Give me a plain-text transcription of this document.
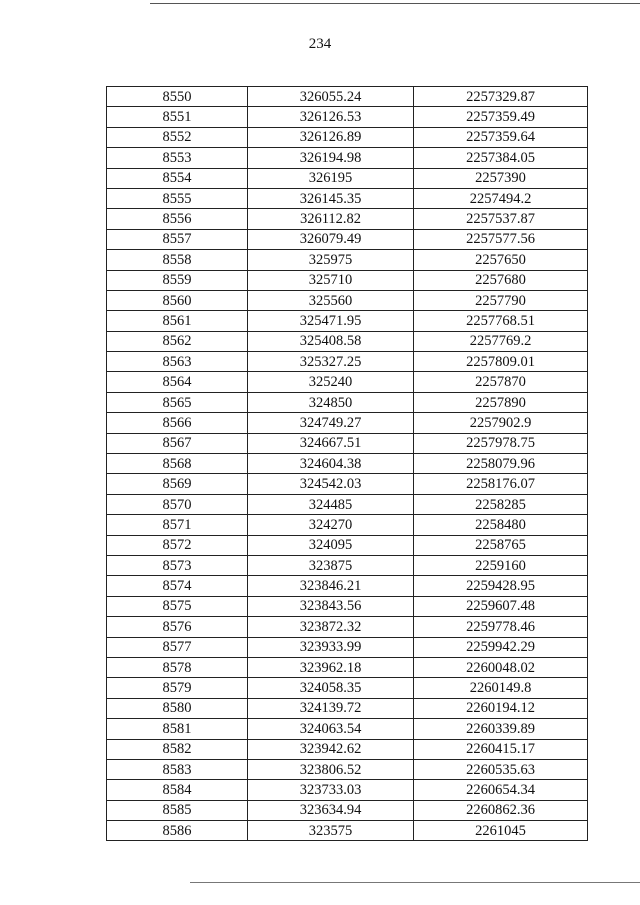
234
8550	326055.24	2257329.87
8551	326126.53	2257359.49
8552	326126.89	2257359.64
8553	326194.98	2257384.05
8554	326195	2257390
8555	326145.35	2257494.2
8556	326112.82	2257537.87
8557	326079.49	2257577.56
8558	325975	2257650
8559	325710	2257680
8560	325560	2257790
8561	325471.95	2257768.51
8562	325408.58	2257769.2
8563	325327.25	2257809.01
8564	325240	2257870
8565	324850	2257890
8566	324749.27	2257902.9
8567	324667.51	2257978.75
8568	324604.38	2258079.96
8569	324542.03	2258176.07
8570	324485	2258285
8571	324270	2258480
8572	324095	2258765
8573	323875	2259160
8574	323846.21	2259428.95
8575	323843.56	2259607.48
8576	323872.32	2259778.46
8577	323933.99	2259942.29
8578	323962.18	2260048.02
8579	324058.35	2260149.8
8580	324139.72	2260194.12
8581	324063.54	2260339.89
8582	323942.62	2260415.17
8583	323806.52	2260535.63
8584	323733.03	2260654.34
8585	323634.94	2260862.36
8586	323575	2261045
